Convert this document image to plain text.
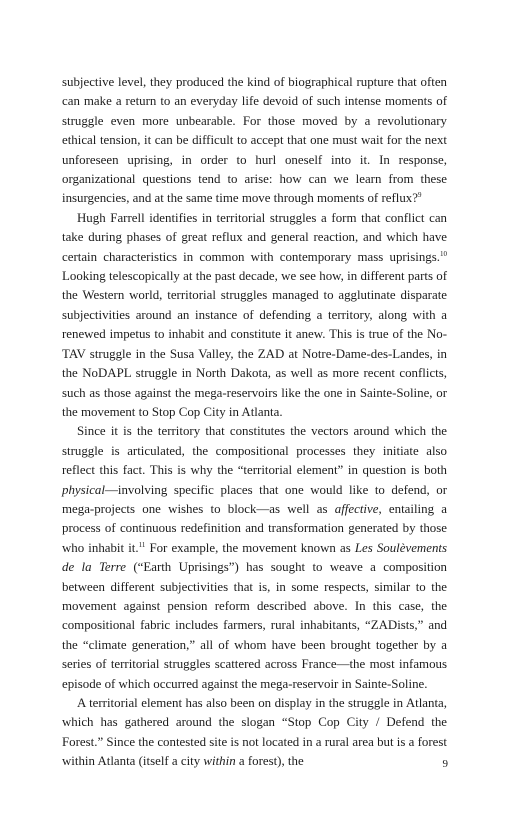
subjective level, they produced the kind of biographical rupture that often can make a return to an everyday life devoid of such intense moments of struggle even more unbearable. For those moved by a revolutionary ethical tension, it can be difficult to accept that one must wait for the next unforeseen uprising, in order to hurl oneself into it. In response, organizational questions tend to arise: how can we learn from these insurgencies, and at the same time move through moments of reflux?$^9$

Hugh Farrell identifies in territorial struggles a form that conflict can take during phases of great reflux and general reaction, and which have certain characteristics in common with contemporary mass uprisings.$^{10}$ Looking telescopically at the past decade, we see how, in different parts of the Western world, territorial struggles managed to agglutinate disparate subjectivities around an instance of defending a territory, along with a renewed impetus to inhabit and constitute it anew. This is true of the No-TAV struggle in the Susa Valley, the ZAD at Notre-Dame-des-Landes, in the NoDAPL struggle in North Dakota, as well as more recent conflicts, such as those against the mega-reservoirs like the one in Sainte-Soline, or the movement to Stop Cop City in Atlanta.

Since it is the territory that constitutes the vectors around which the struggle is articulated, the compositional processes they initiate also reflect this fact. This is why the “territorial element” in question is both physical—involving specific places that one would like to defend, or mega-projects one wishes to block—as well as affective, entailing a process of continuous redefinition and transformation generated by those who inhabit it.$^{11}$ For example, the movement known as Les Soulèvements de la Terre (“Earth Uprisings”) has sought to weave a composition between different subjectivities that is, in some respects, similar to the movement against pension reform described above. In this case, the compositional fabric includes farmers, rural inhabitants, “ZADists,” and the “climate generation,” all of whom have been brought together by a series of territorial struggles scattered across France—the most infamous episode of which occurred against the mega-reservoir in Sainte-Soline.

A territorial element has also been on display in the struggle in Atlanta, which has gathered around the slogan “Stop Cop City / Defend the Forest.” Since the contested site is not located in a rural area but is a forest within Atlanta (itself a city within a forest), the	9
